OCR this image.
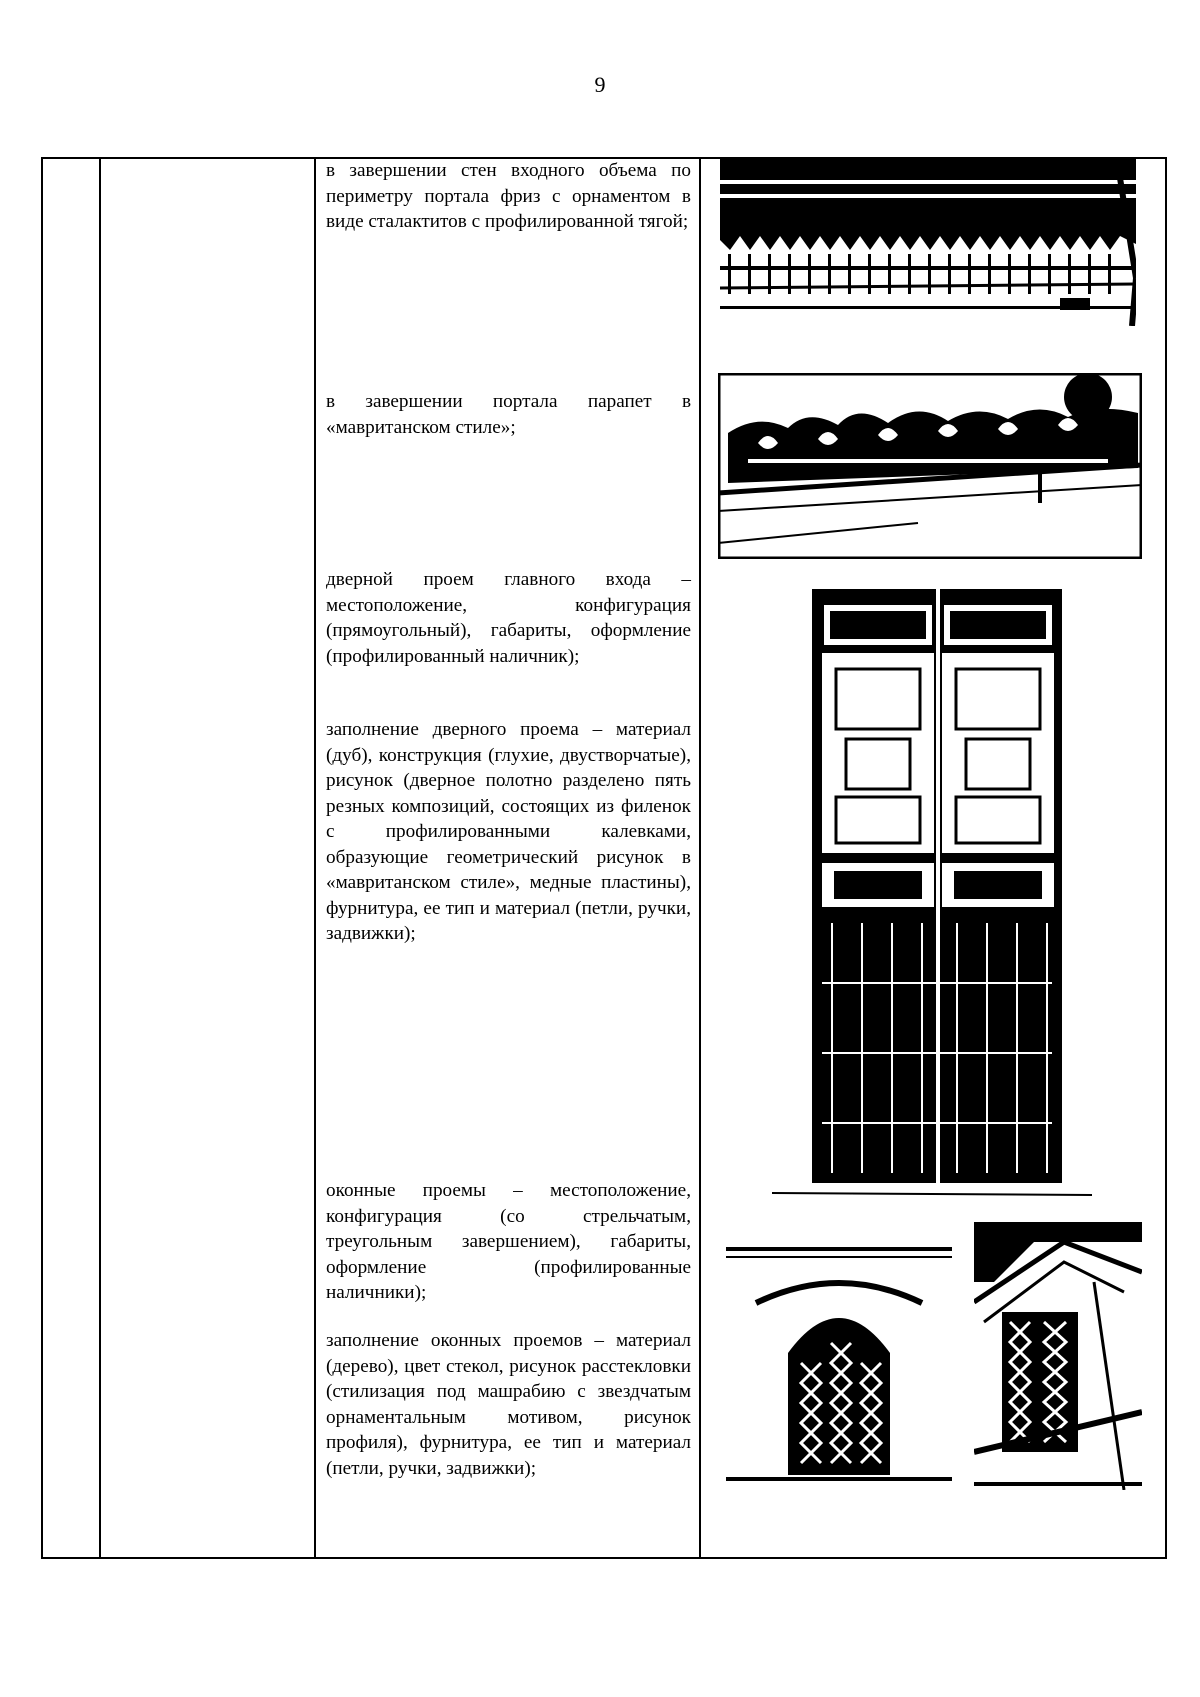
9

в завершении стен входного объема по периметру портала фриз с орнаментом в виде сталактитов с профилированной тягой;

в завершении портала парапет в «мавританском стиле»;

дверной проем главного входа – местоположение, конфигурация (прямоугольный), габариты, оформление (профилированный наличник);

заполнение дверного проема – материал (дуб), конструкция (глухие, двустворчатые), рисунок (дверное полотно разделено пять резных композиций, состоящих из филенок с профилированными калевками, образующие геометрический рисунок в «мавританском стиле», медные пластины), фурнитура, ее тип и материал (петли, ручки, задвижки);

оконные проемы – местоположение, конфигурация (со стрельчатым, треугольным завершением), габариты, оформление (профилированные наличники);

заполнение оконных проемов – материал (дерево), цвет стекол, рисунок расстекловки (стилизация под машрабию с звездчатым орнаментальным мотивом, рисунок профиля), фурнитура, ее тип и материал (петли, ручки, задвижки);
